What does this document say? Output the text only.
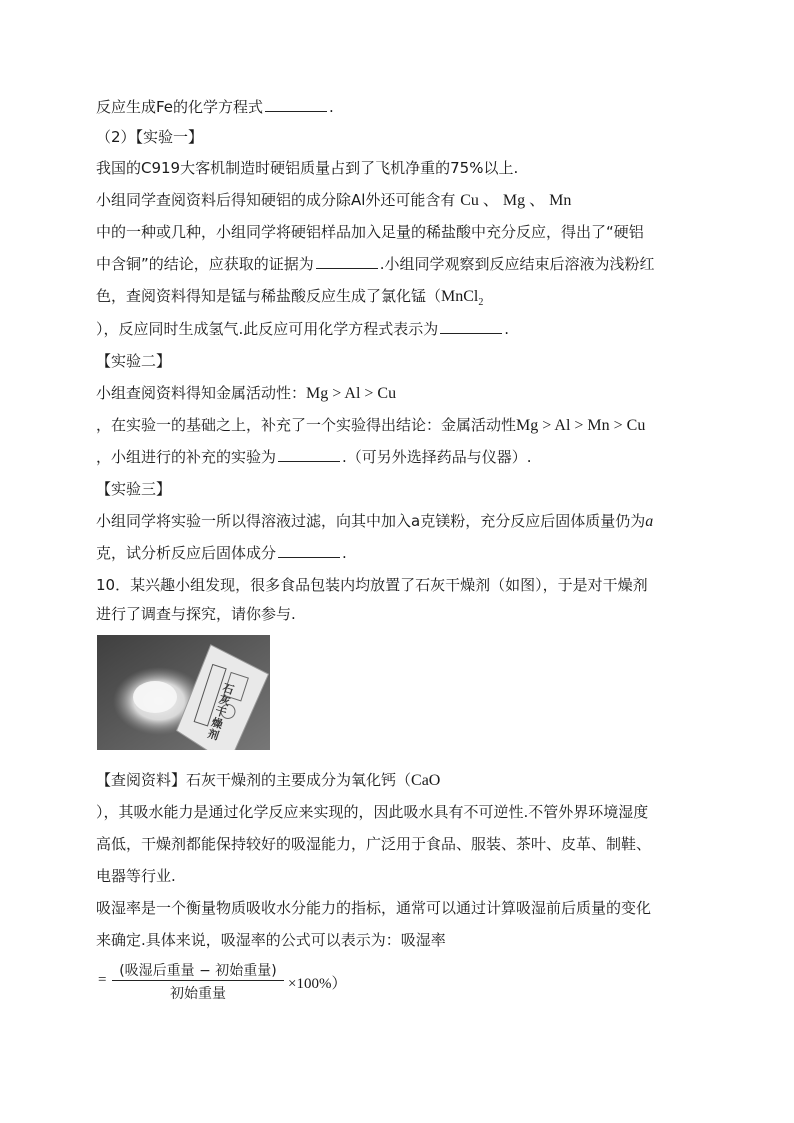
反应生成Fe的化学方程式	.
（2）【实验一】
我国的C919大客机制造时硬铝质量占到了飞机净重的75%以上.
小组同学查阅资料后得知硬铝的成分除Al外还可能含有 Cu 、 Mg 、 Mn
中的一种或几种，小组同学将硬铝样品加入足量的稀盐酸中充分反应，得出了“硬铝
中含铜”的结论，应获取的证据为	.小组同学观察到反应结束后溶液为浅粉红
色，查阅资料得知是锰与稀盐酸反应生成了氯化锰（MnCl$_2$
），反应同时生成氢气.此反应可用化学方程式表示为	.
【实验二】
小组查阅资料得知金属活动性：Mg > Al > Cu
，在实验一的基础之上，补充了一个实验得出结论：金属活动性Mg > Al > Mn > Cu
，小组进行的补充的实验为	.（可另外选择药品与仪器）.
【实验三】
小组同学将实验一所以得溶液过滤，向其中加入a克镁粉，充分反应后固体质量仍为a
克，试分析反应后固体成分	.
10．某兴趣小组发现，很多食品包装内均放置了石灰干燥剂（如图），于是对干燥剂
进行了调查与探究，请你参与.
石灰干燥剂
【查阅资料】石灰干燥剂的主要成分为氧化钙（CaO
），其吸水能力是通过化学反应来实现的，因此吸水具有不可逆性.不管外界环境湿度
高低，干燥剂都能保持较好的吸湿能力，广泛用于食品、服装、茶叶、皮革、制鞋、
电器等行业.
吸湿率是一个衡量物质吸收水分能力的指标，通常可以通过计算吸湿前后质量的变化
来确定.具体来说，吸湿率的公式可以表示为：吸湿率
=
(吸湿后重量 − 初始重量)
初始重量
×100%）
